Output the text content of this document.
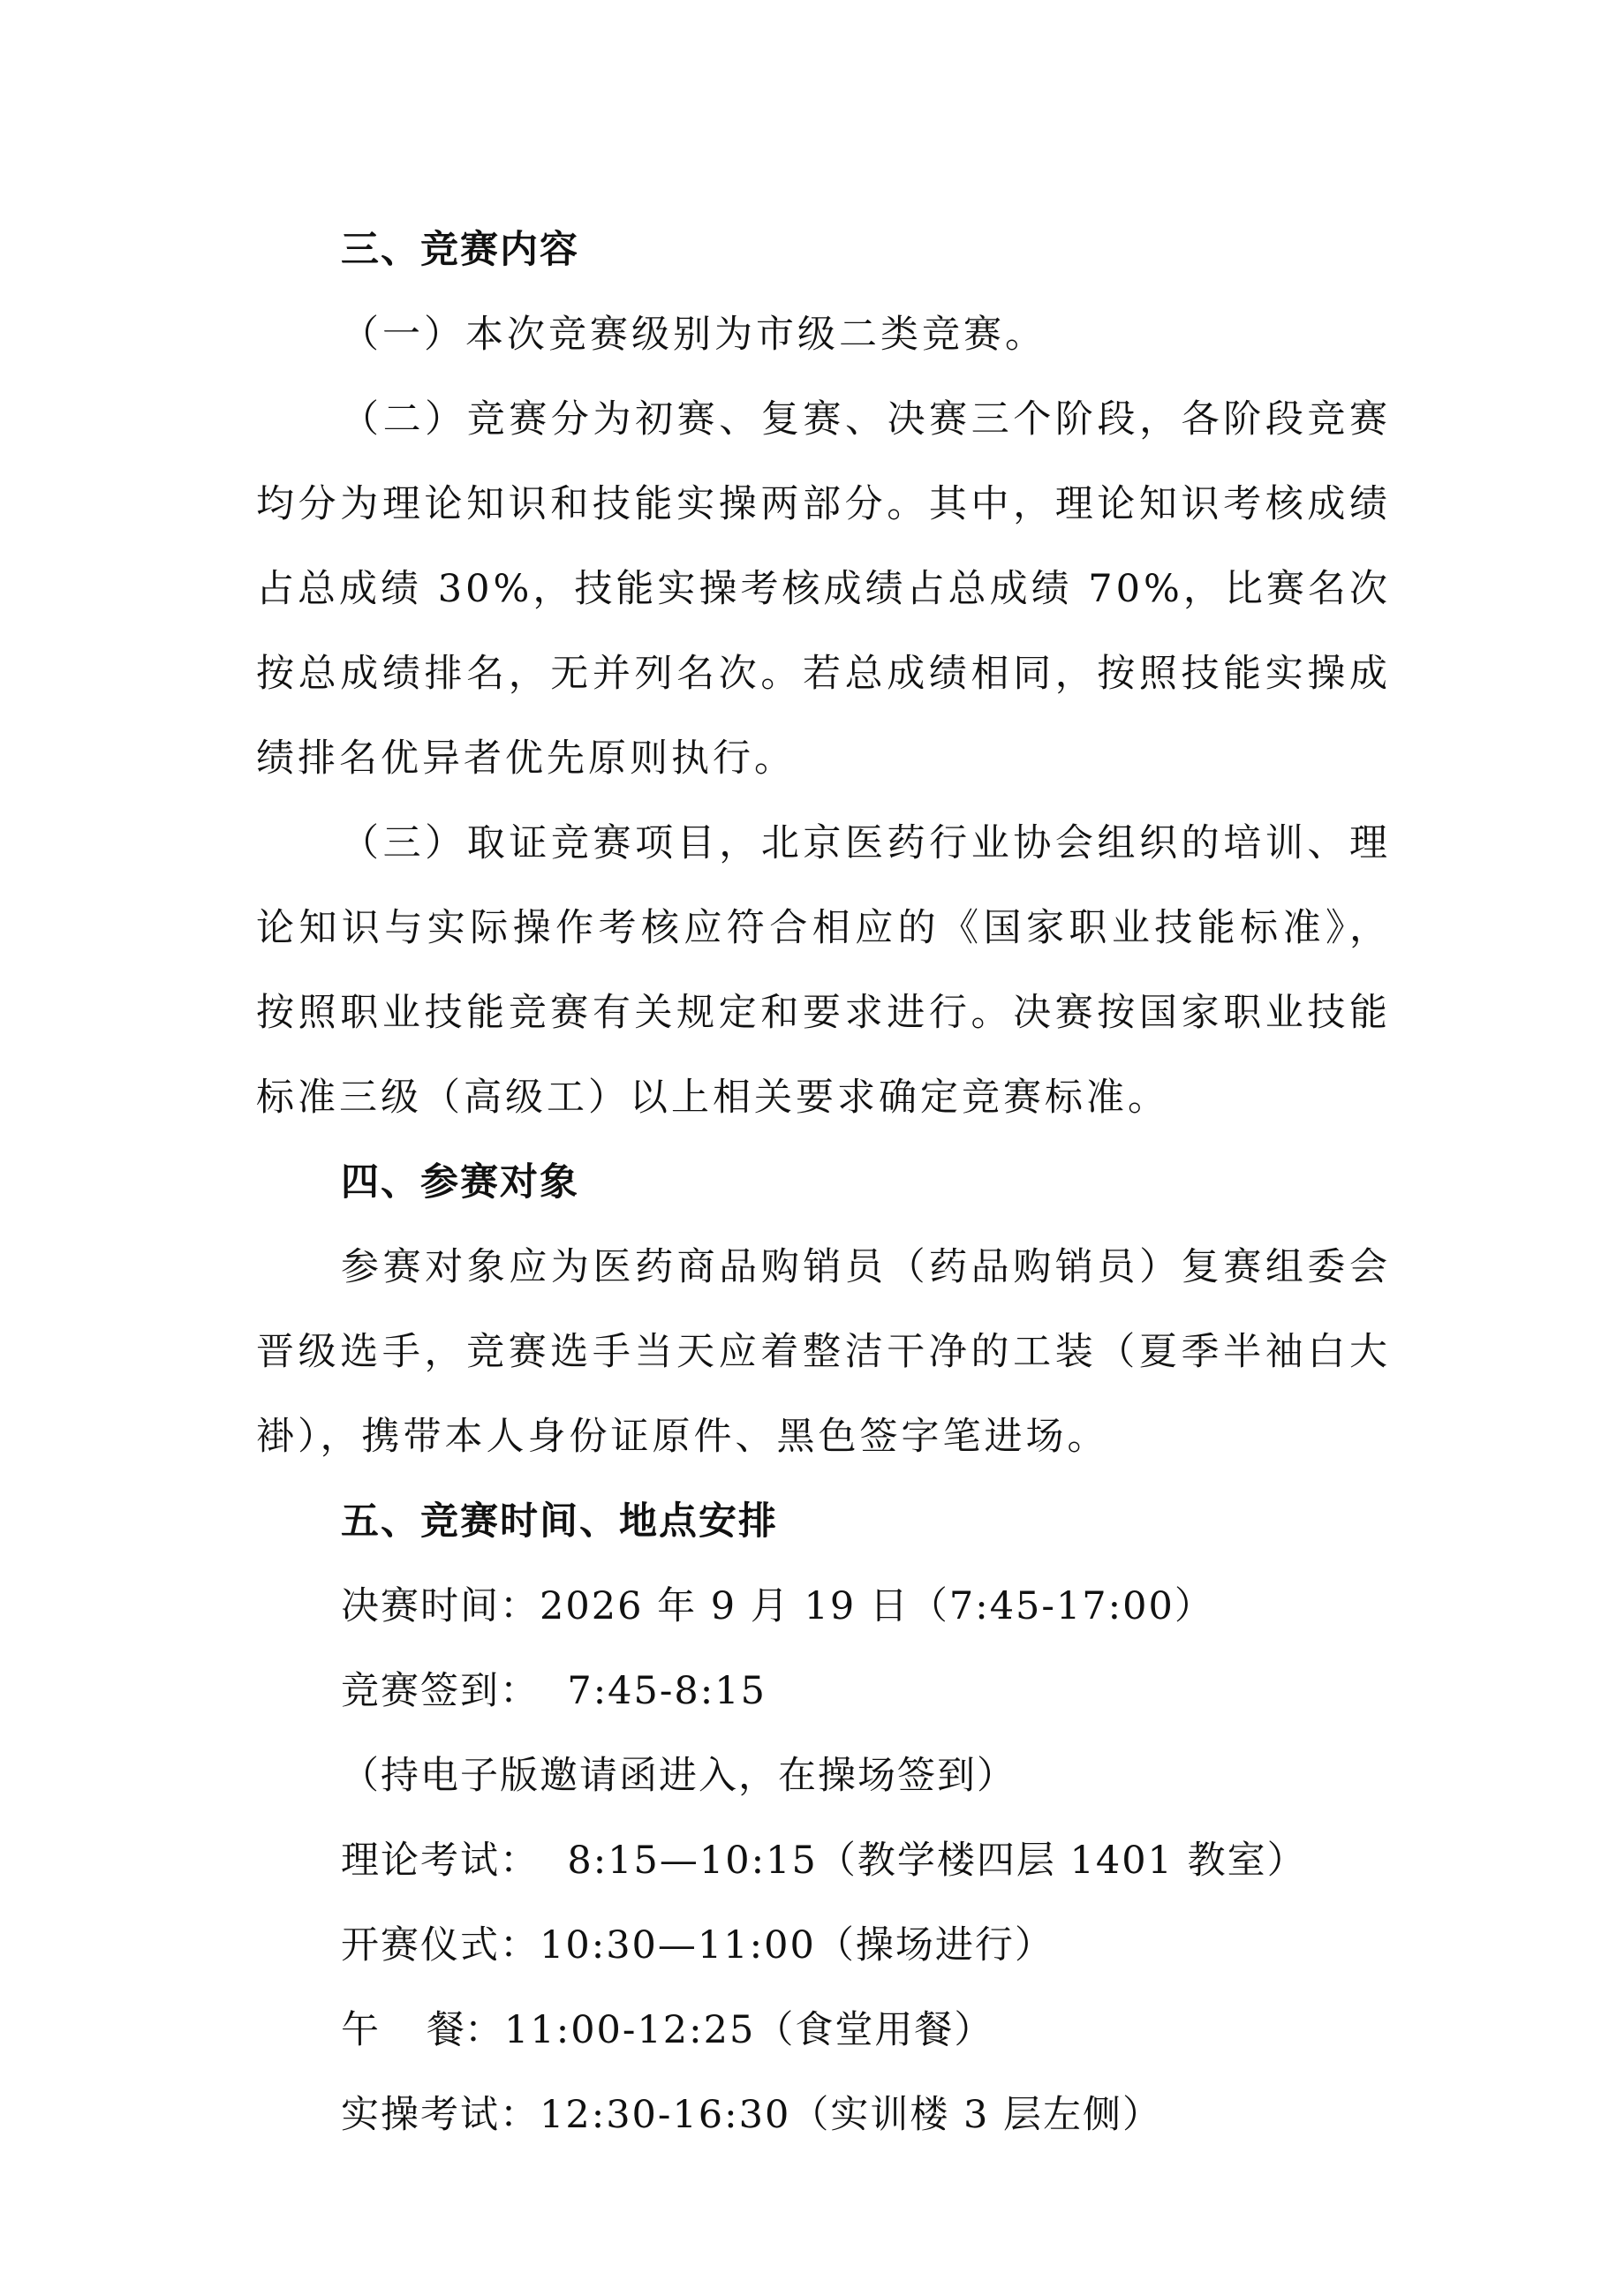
三、竞赛内容

（一）本次竞赛级别为市级二类竞赛。

（二）竞赛分为初赛、复赛、决赛三个阶段，各阶段竞赛均分为理论知识和技能实操两部分。其中，理论知识考核成绩占总成绩 30%，技能实操考核成绩占总成绩 70%，比赛名次按总成绩排名，无并列名次。若总成绩相同，按照技能实操成绩排名优异者优先原则执行。

（三）取证竞赛项目，北京医药行业协会组织的培训、理论知识与实际操作考核应符合相应的《国家职业技能标准》，按照职业技能竞赛有关规定和要求进行。决赛按国家职业技能标准三级（高级工）以上相关要求确定竞赛标准。

四、参赛对象

参赛对象应为医药商品购销员（药品购销员）复赛组委会晋级选手，竞赛选手当天应着整洁干净的工装（夏季半袖白大褂），携带本人身份证原件、黑色签字笔进场。

五、竞赛时间、地点安排
决赛时间：2026 年 9 月 19 日（7:45-17:00）
竞赛签到：  7:45-8:15
（持电子版邀请函进入，在操场签到）
理论考试：  8:15—10:15（教学楼四层 1401 教室）
开赛仪式：10:30—11:00（操场进行）
午 餐 ：11:00-12:25（食堂用餐）
实操考试：12:30-16:30（实训楼 3 层左侧）
